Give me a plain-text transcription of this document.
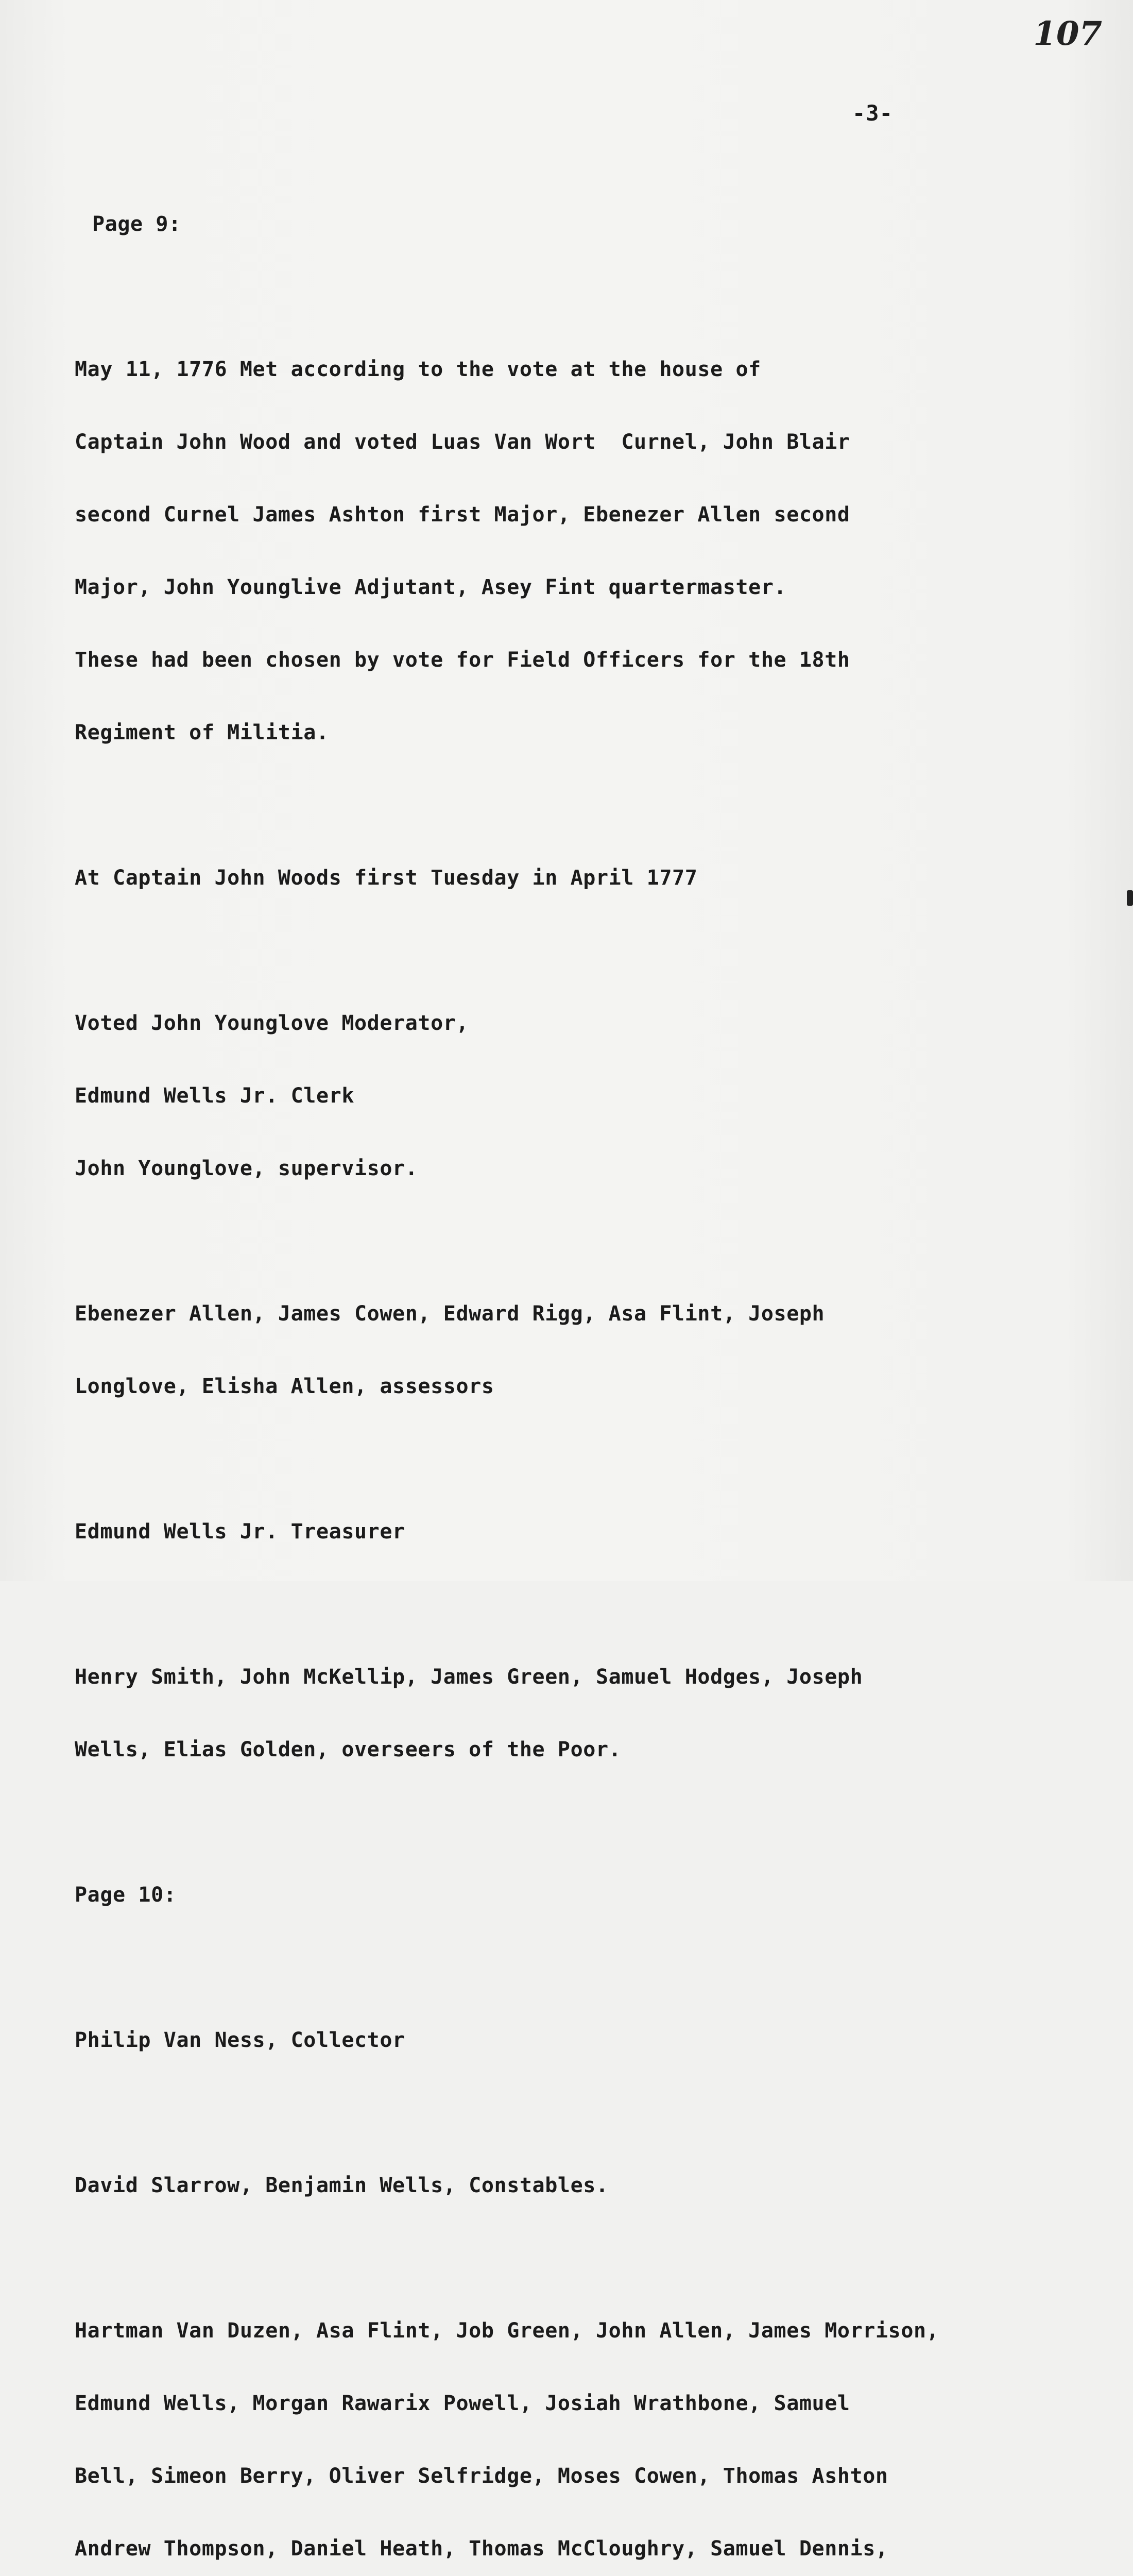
107
-3-

Page 9:

May 11, 1776 Met according to the vote at the house of

Captain John Wood and voted Luas Van Wort  Curnel, John Blair

second Curnel James Ashton first Major, Ebenezer Allen second

Major, John Younglive Adjutant, Asey Fint quartermaster.

These had been chosen by vote for Field Officers for the 18th

Regiment of Militia.

At Captain John Woods first Tuesday in April 1777

Voted John Younglove Moderator,

Edmund Wells Jr. Clerk

John Younglove, supervisor.

Ebenezer Allen, James Cowen, Edward Rigg, Asa Flint, Joseph

Longlove, Elisha Allen, assessors

Edmund Wells Jr. Treasurer

Henry Smith, John McKellip, James Green, Samuel Hodges, Joseph

Wells, Elias Golden, overseers of the Poor.

Page 10:

Philip Van Ness, Collector

David Slarrow, Benjamin Wells, Constables.

Hartman Van Duzen, Asa Flint, Job Green, John Allen, James Morrison,

Edmund Wells, Morgan Rawarix Powell, Josiah Wrathbone, Samuel

Bell, Simeon Berry, Oliver Selfridge, Moses Cowen, Thomas Ashton

Andrew Thompson, Daniel Heath, Thomas McCloughry, Samuel Dennis,
